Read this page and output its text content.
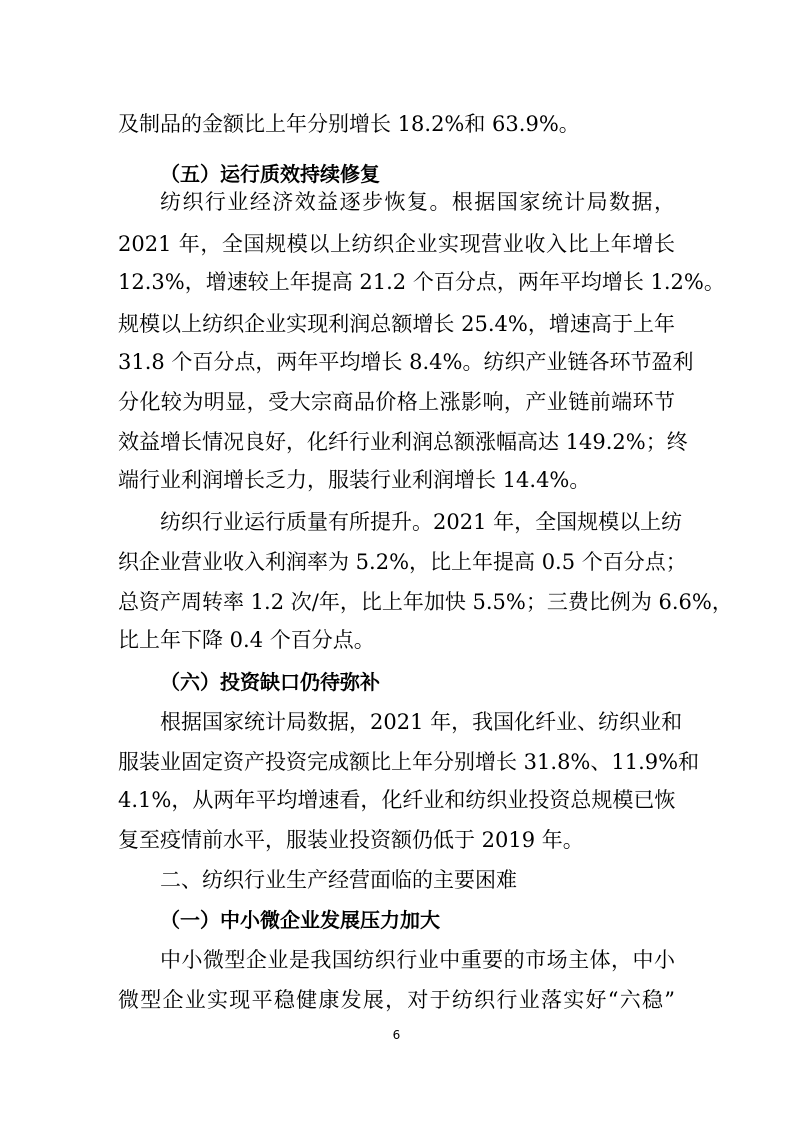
及制品的金额比上年分别增长 18.2%和 63.9%。
（五）运行质效持续修复
纺织行业经济效益逐步恢复。根据国家统计局数据，
2021 年，全国规模以上纺织企业实现营业收入比上年增长
12.3%，增速较上年提高 21.2 个百分点，两年平均增长 1.2%。
规模以上纺织企业实现利润总额增长 25.4%，增速高于上年
31.8 个百分点，两年平均增长 8.4%。纺织产业链各环节盈利
分化较为明显，受大宗商品价格上涨影响，产业链前端环节
效益增长情况良好，化纤行业利润总额涨幅高达 149.2%；终
端行业利润增长乏力，服装行业利润增长 14.4%。
纺织行业运行质量有所提升。2021 年，全国规模以上纺
织企业营业收入利润率为 5.2%，比上年提高 0.5 个百分点；
总资产周转率 1.2 次/年，比上年加快 5.5%；三费比例为 6.6%，
比上年下降 0.4 个百分点。
（六）投资缺口仍待弥补
根据国家统计局数据，2021 年，我国化纤业、纺织业和
服装业固定资产投资完成额比上年分别增长 31.8%、11.9%和
4.1%，从两年平均增速看，化纤业和纺织业投资总规模已恢
复至疫情前水平，服装业投资额仍低于 2019 年。
二、纺织行业生产经营面临的主要困难
（一）中小微企业发展压力加大
中小微型企业是我国纺织行业中重要的市场主体，中小
微型企业实现平稳健康发展，对于纺织行业落实好“六稳”
6
